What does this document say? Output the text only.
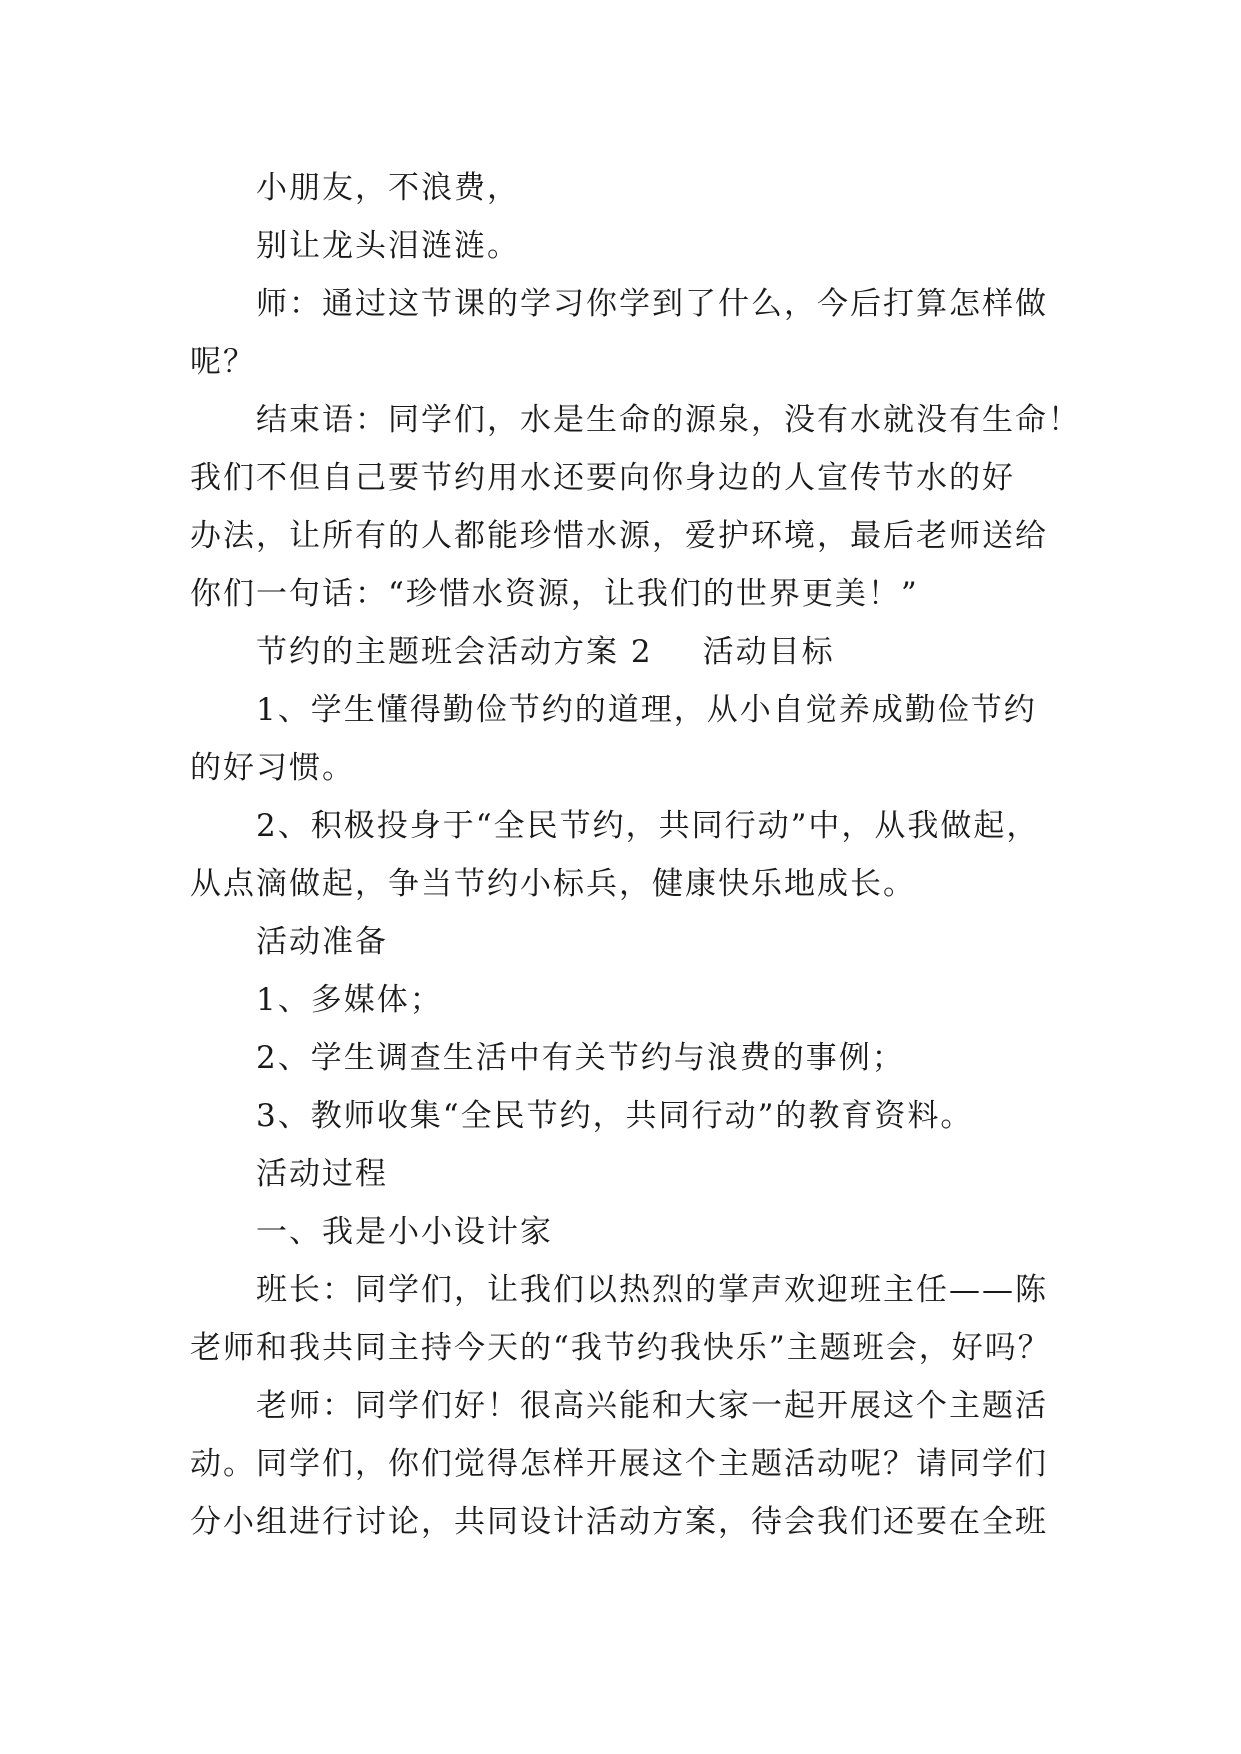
小朋友，不浪费，
别让龙头泪涟涟。
师：通过这节课的学习你学到了什么，今后打算怎样做
呢？
结束语：同学们，水是生命的源泉，没有水就没有生命！
我们不但自己要节约用水还要向你身边的人宣传节水的好
办法，让所有的人都能珍惜水源，爱护环境，最后老师送给
你们一句话：“珍惜水资源，让我们的世界更美！”
节约的主题班会活动方案 2 活动目标
1、学生懂得勤俭节约的道理，从小自觉养成勤俭节约
的好习惯。
2、积极投身于“全民节约，共同行动”中，从我做起，
从点滴做起，争当节约小标兵，健康快乐地成长。
活动准备
1、多媒体；
2、学生调查生活中有关节约与浪费的事例；
3、教师收集“全民节约，共同行动”的教育资料。
活动过程
一、我是小小设计家
班长：同学们，让我们以热烈的掌声欢迎班主任——陈
老师和我共同主持今天的“我节约我快乐”主题班会，好吗？
老师：同学们好！很高兴能和大家一起开展这个主题活
动。同学们，你们觉得怎样开展这个主题活动呢？请同学们
分小组进行讨论，共同设计活动方案，待会我们还要在全班
